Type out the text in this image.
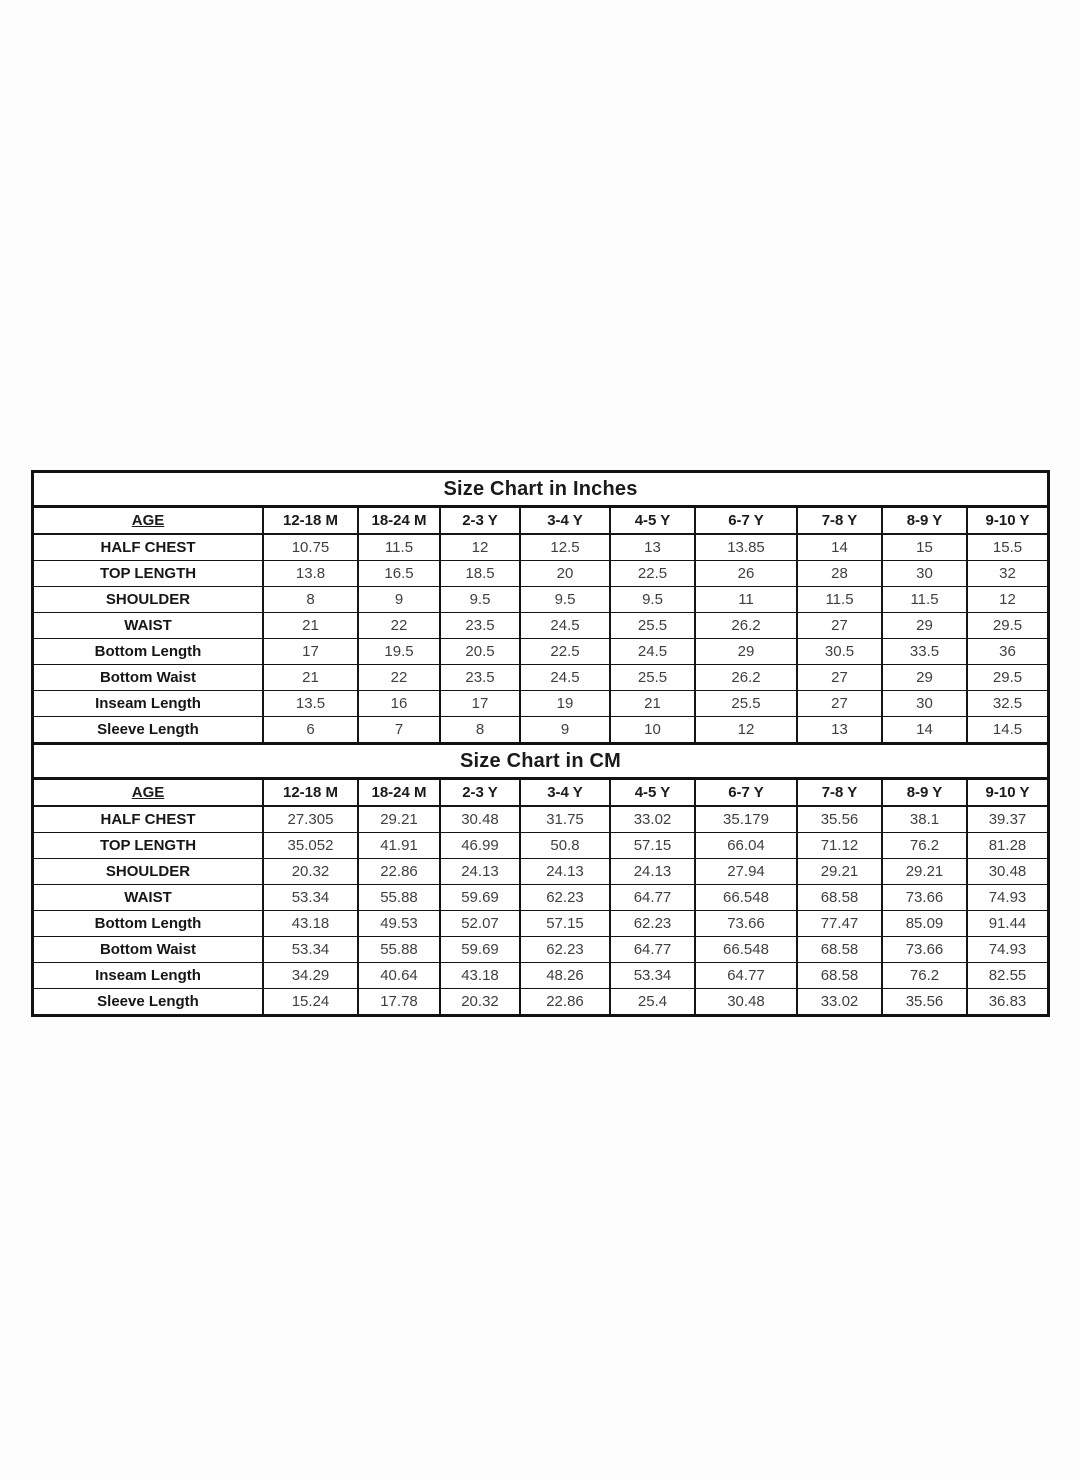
Size Chart in Inches
AGE	12-18 M	18-24 M	2-3 Y	3-4 Y	4-5 Y	6-7 Y	7-8 Y	8-9 Y	9-10 Y
HALF CHEST	10.75	11.5	12	12.5	13	13.85	14	15	15.5
TOP LENGTH	13.8	16.5	18.5	20	22.5	26	28	30	32
SHOULDER	8	9	9.5	9.5	9.5	11	11.5	11.5	12
WAIST	21	22	23.5	24.5	25.5	26.2	27	29	29.5
Bottom Length	17	19.5	20.5	22.5	24.5	29	30.5	33.5	36
Bottom Waist	21	22	23.5	24.5	25.5	26.2	27	29	29.5
Inseam Length	13.5	16	17	19	21	25.5	27	30	32.5
Sleeve Length	6	7	8	9	10	12	13	14	14.5
Size Chart in CM
AGE	12-18 M	18-24 M	2-3 Y	3-4 Y	4-5 Y	6-7 Y	7-8 Y	8-9 Y	9-10 Y
HALF CHEST	27.305	29.21	30.48	31.75	33.02	35.179	35.56	38.1	39.37
TOP LENGTH	35.052	41.91	46.99	50.8	57.15	66.04	71.12	76.2	81.28
SHOULDER	20.32	22.86	24.13	24.13	24.13	27.94	29.21	29.21	30.48
WAIST	53.34	55.88	59.69	62.23	64.77	66.548	68.58	73.66	74.93
Bottom Length	43.18	49.53	52.07	57.15	62.23	73.66	77.47	85.09	91.44
Bottom Waist	53.34	55.88	59.69	62.23	64.77	66.548	68.58	73.66	74.93
Inseam Length	34.29	40.64	43.18	48.26	53.34	64.77	68.58	76.2	82.55
Sleeve Length	15.24	17.78	20.32	22.86	25.4	30.48	33.02	35.56	36.83
